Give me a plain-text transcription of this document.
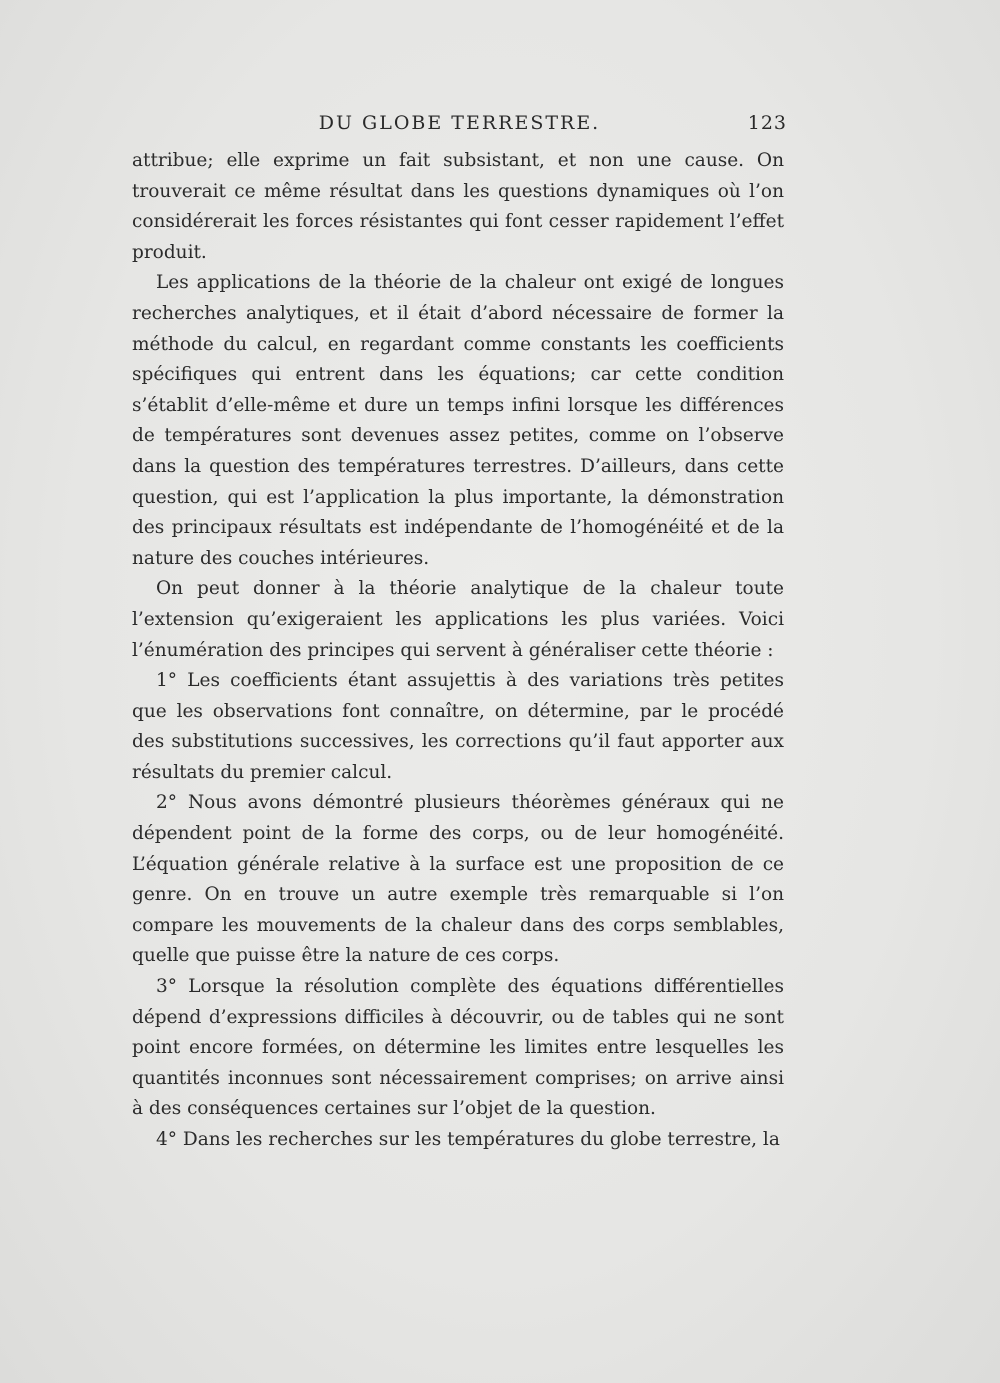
DU GLOBE TERRESTRE.	123

attribue; elle exprime un fait subsistant, et non une cause. On trouverait ce même résultat dans les questions dynamiques où l’on considérerait les forces résistantes qui font cesser rapidement l’effet produit.

Les applications de la théorie de la chaleur ont exigé de longues recherches analytiques, et il était d’abord nécessaire de former la méthode du calcul, en regardant comme constants les coefficients spécifiques qui entrent dans les équations; car cette condition s’établit d’elle-même et dure un temps infini lorsque les différences de températures sont devenues assez petites, comme on l’observe dans la question des températures terrestres. D’ailleurs, dans cette question, qui est l’application la plus importante, la démonstration des principaux résultats est indépendante de l’homogénéité et de la nature des couches intérieures.

On peut donner à la théorie analytique de la chaleur toute l’extension qu’exigeraient les applications les plus variées. Voici l’énumération des principes qui servent à généraliser cette théorie :

1° Les coefficients étant assujettis à des variations très petites que les observations font connaître, on détermine, par le procédé des substitutions successives, les corrections qu’il faut apporter aux résultats du premier calcul.

2° Nous avons démontré plusieurs théorèmes généraux qui ne dépendent point de la forme des corps, ou de leur homogénéité. L’équation générale relative à la surface est une proposition de ce genre. On en trouve un autre exemple très remarquable si l’on compare les mouvements de la chaleur dans des corps semblables, quelle que puisse être la nature de ces corps.

3° Lorsque la résolution complète des équations différentielles dépend d’expressions difficiles à découvrir, ou de tables qui ne sont point encore formées, on détermine les limites entre lesquelles les quantités inconnues sont nécessairement comprises; on arrive ainsi à des conséquences certaines sur l’objet de la question.

4° Dans les recherches sur les températures du globe terrestre, la
